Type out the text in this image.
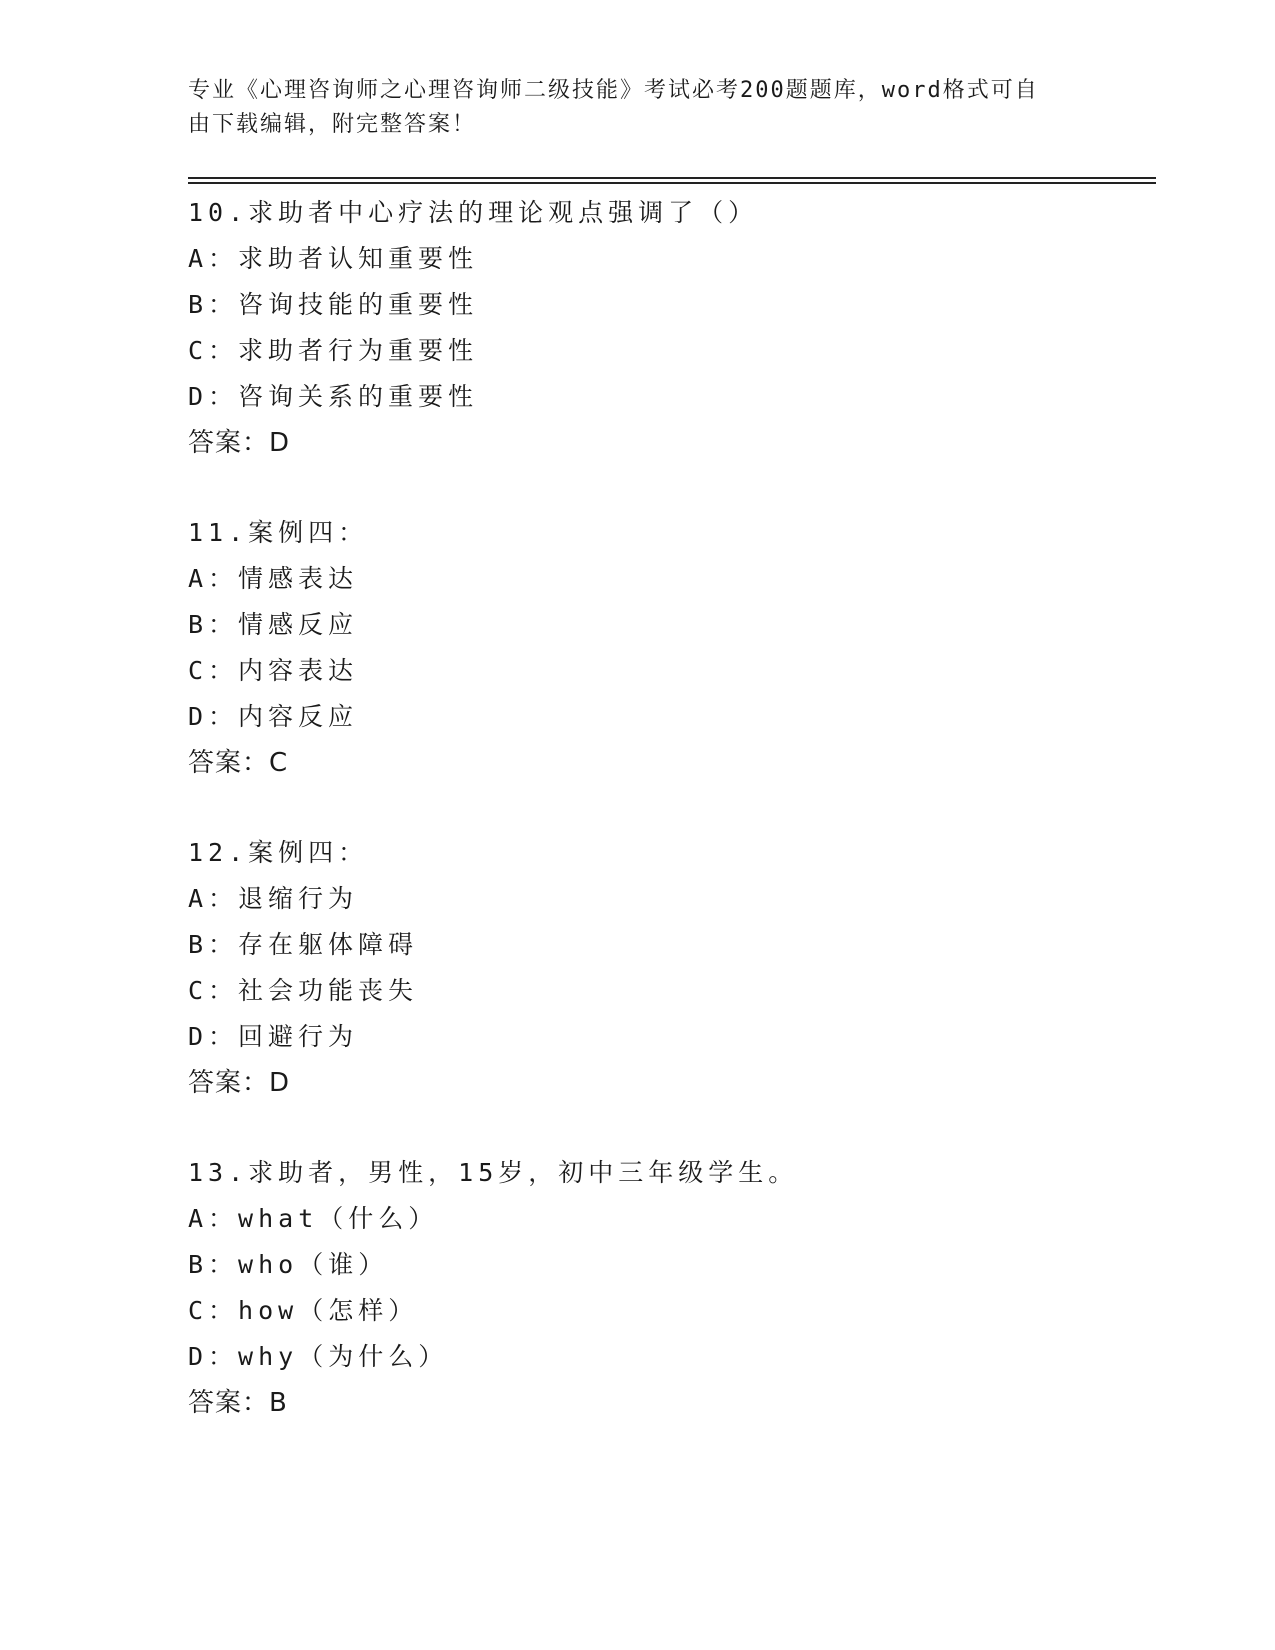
专业《心理咨询师之心理咨询师二级技能》考试必考200题题库，word格式可自
由下载编辑，附完整答案！
10.求助者中心疗法的理论观点强调了（）
A：求助者认知重要性
B：咨询技能的重要性
C：求助者行为重要性
D：咨询关系的重要性
答案：D
11.案例四：
A：情感表达
B：情感反应
C：内容表达
D：内容反应
答案：C
12.案例四：
A：退缩行为
B：存在躯体障碍
C：社会功能丧失
D：回避行为
答案：D
13.求助者，男性，15岁，初中三年级学生。
A：what（什么）
B：who（谁）
C：how（怎样）
D：why（为什么）
答案：B
